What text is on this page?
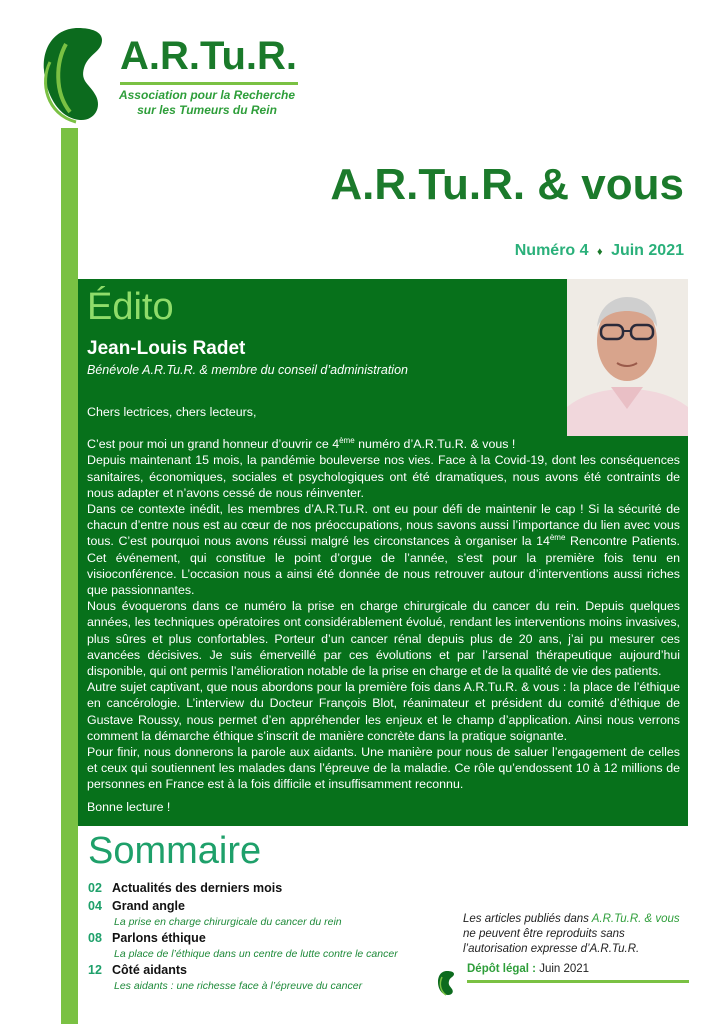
A.R.Tu.R.
Association pour la Recherche
sur les Tumeurs du Rein
A.R.Tu.R. & vous
Numéro 4 ♦ Juin 2021
Édito
Jean-Louis Radet
Bénévole A.R.Tu.R. & membre du conseil d’administration

Chers lectrices, chers lecteurs,

C’est pour moi un grand honneur d’ouvrir ce 4ème numéro d’A.R.Tu.R. & vous !

Depuis maintenant 15 mois, la pandémie bouleverse nos vies. Face à la Covid-19, dont les conséquences sanitaires, économiques, sociales et psychologiques ont été dramatiques, nous avons été contraints de nous adapter et n’avons cessé de nous réinventer.

Dans ce contexte inédit, les membres d’A.R.Tu.R. ont eu pour défi de maintenir le cap ! Si la sécurité de chacun d’entre nous est au cœur de nos préoccupations, nous savons aussi l’importance du lien avec vous tous. C’est pourquoi nous avons réussi malgré les circonstances à organiser la 14ème Rencontre Patients. Cet événement, qui constitue le point d’orgue de l’année, s’est pour la première fois tenu en visioconférence. L’occasion nous a ainsi été donnée de nous retrouver autour d’interventions aussi riches que passionnantes.

Nous évoquerons dans ce numéro la prise en charge chirurgicale du cancer du rein. Depuis quelques années, les techniques opératoires ont considérablement évolué, rendant les interventions moins invasives, plus sûres et plus confortables. Porteur d’un cancer rénal depuis plus de 20 ans, j’ai pu mesurer ces avancées décisives. Je suis émerveillé par ces évolutions et par l’arsenal thérapeutique aujourd’hui disponible, qui ont permis l’amélioration notable de la prise en charge et de la qualité de vie des patients.

Autre sujet captivant, que nous abordons pour la première fois dans A.R.Tu.R. & vous : la place de l’éthique en cancérologie. L’interview du Docteur François Blot, réanimateur et président du comité d’éthique de Gustave Roussy, nous permet d’en appréhender les enjeux et le champ d’application. Ainsi nous verrons comment la démarche éthique s’inscrit de manière concrète dans la pratique soignante.

Pour finir, nous donnerons la parole aux aidants. Une manière pour nous de saluer l’engagement de celles et ceux qui soutiennent les malades dans l’épreuve de la maladie. Ce rôle qu’endossent 10 à 12 millions de personnes en France est à la fois difficile et insuffisamment reconnu.

Bonne lecture !

Sommaire
02 Actualités des derniers mois
04 Grand angle
La prise en charge chirurgicale du cancer du rein
08 Parlons éthique
La place de l’éthique dans un centre de lutte contre le cancer
12 Côté aidants
Les aidants : une richesse face à l’épreuve du cancer
Les articles publiés dans A.R.Tu.R. & vous
ne peuvent être reproduits sans
l’autorisation expresse d’A.R.Tu.R.
Dépôt légal : Juin 2021
